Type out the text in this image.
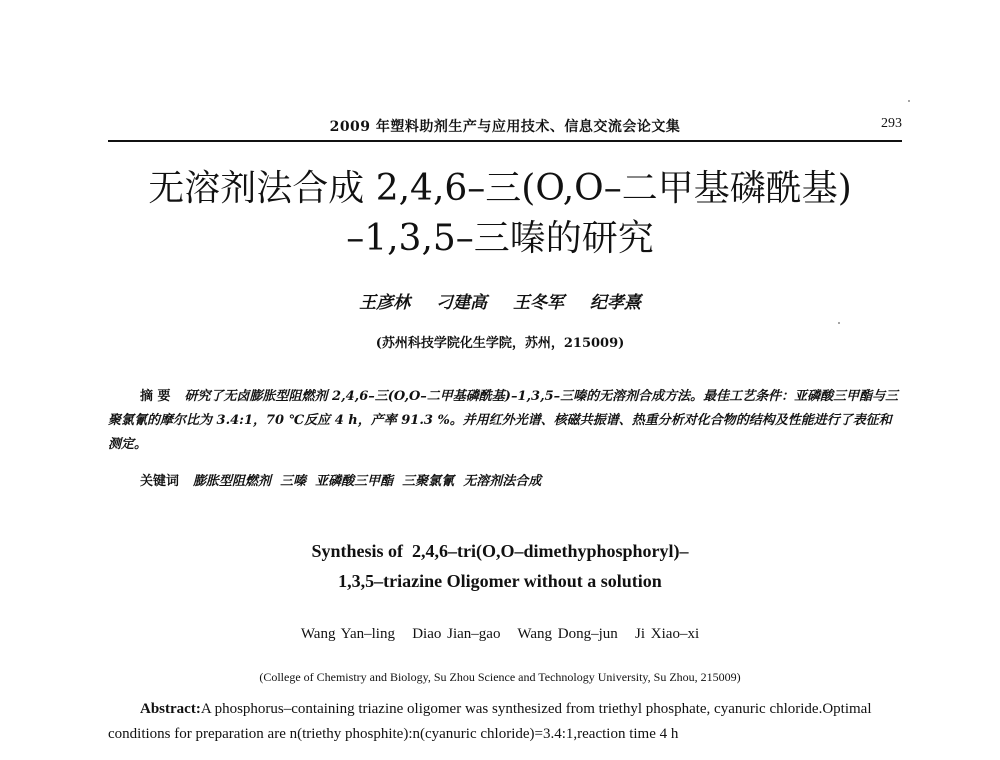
2009 年塑料助剂生产与应用技术、信息交流会论文集	293
无溶剂法合成 2,4,6–三(O,O–二甲基磷酰基)
–1,3,5–三嗪的研究
王彦林 刁建高 王冬军 纪孝熹
(苏州科技学院化生学院，苏州，215009)
摘 要 研究了无卤膨胀型阻燃剂 2,4,6–三(O,O–二甲基磷酰基)–1,3,5–三嗪的无溶剂合成方法。最佳工艺条件：亚磷酸三甲酯与三聚氯氰的摩尔比为 3.4:1，70 ℃反应 4 h，产率 91.3 %。并用红外光谱、核磁共振谱、热重分析对化合物的结构及性能进行了表征和测定。
关键词 膨胀型阻燃剂  三嗪  亚磷酸三甲酯  三聚氯氰  无溶剂法合成
Synthesis of  2,4,6–tri(O,O–dimethyphosphoryl)–
1,3,5–triazine Oligomer without a solution
Wang Yan–ling   Diao Jian–gao   Wang Dong–jun   Ji Xiao–xi
(College of Chemistry and Biology, Su Zhou Science and Technology University, Su Zhou, 215009)
Abstract:A phosphorus–containing triazine oligomer was synthesized from triethyl phosphate, cyanuric chloride.Optimal conditions for preparation are n(triethy phosphite):n(cyanuric chloride)=3.4:1,reaction time 4 h
